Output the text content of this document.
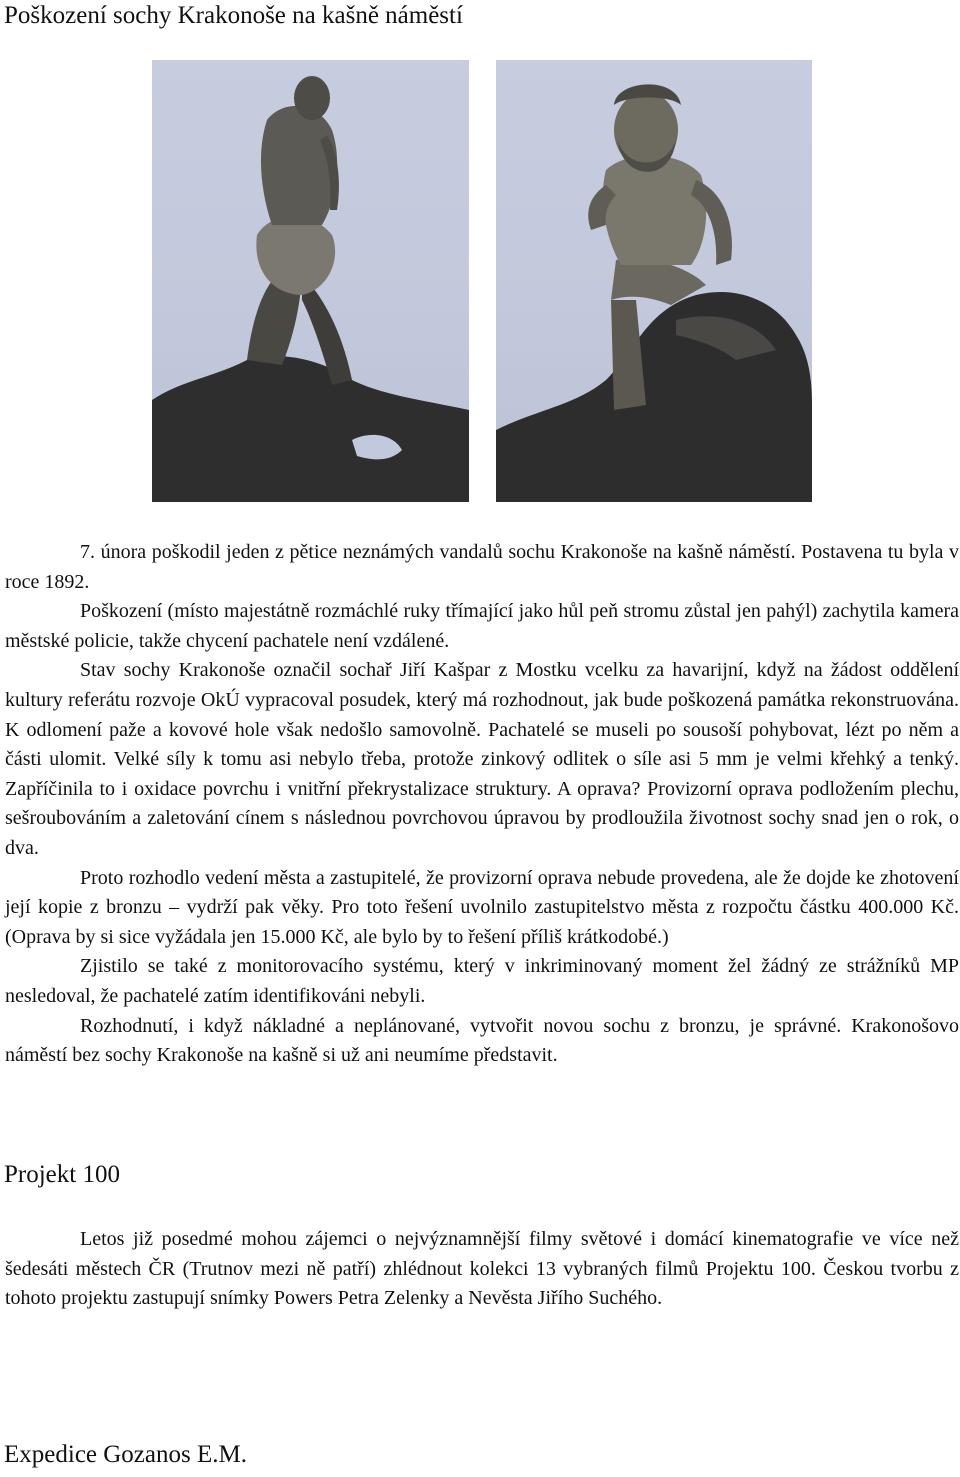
Poškození sochy Krakonoše na kašně náměstí

7. února poškodil jeden z pětice neznámých vandalů sochu Krakonoše na kašně náměstí. Postavena tu byla v roce 1892.

Poškození (místo majestátně rozmáchlé ruky třímající jako hůl peň stromu zůstal jen pahýl) zachytila kamera městské policie, takže chycení pachatele není vzdálené.

Stav sochy Krakonoše označil sochař Jiří Kašpar z Mostku vcelku za havarijní, když na žádost oddělení kultury referátu rozvoje OkÚ vypracoval posudek, který má rozhodnout, jak bude poškozená památka rekonstruována. K odlomení paže a kovové hole však nedošlo samovolně. Pachatelé se museli po sousoší pohybovat, lézt po něm a části ulomit. Velké síly k tomu asi nebylo třeba, protože zinkový odlitek o síle asi 5 mm je velmi křehký a tenký. Zapříčinila to i oxidace povrchu i vnitřní překrystalizace struktury. A oprava? Provizorní oprava podložením plechu, sešroubováním a zaletování cínem s následnou povrchovou úpravou by prodloužila životnost sochy snad jen o rok, o dva.

Proto rozhodlo vedení města a zastupitelé, že provizorní oprava nebude provedena, ale že dojde ke zhotovení její kopie z bronzu – vydrží pak věky. Pro toto řešení uvolnilo zastupitelstvo města z rozpočtu částku 400.000 Kč. (Oprava by si sice vyžádala jen 15.000 Kč, ale bylo by to řešení příliš krátkodobé.)

Zjistilo se také z monitorovacího systému, který v inkriminovaný moment žel žádný ze strážníků MP nesledoval, že pachatelé zatím identifikováni nebyli.

Rozhodnutí, i když nákladné a neplánované, vytvořit novou sochu z bronzu, je správné. Krakonošovo náměstí bez sochy Krakonoše na kašně si už ani neumíme představit.

Projekt 100

Letos již posedmé mohou zájemci o nejvýznamnější filmy světové i domácí kinematografie ve více než šedesáti městech ČR (Trutnov mezi ně patří) zhlédnout kolekci 13 vybraných filmů Projektu 100. Českou tvorbu z tohoto projektu zastupují snímky Powers Petra Zelenky a Nevěsta Jiřího Suchého.

Expedice Gozanos E.M.
